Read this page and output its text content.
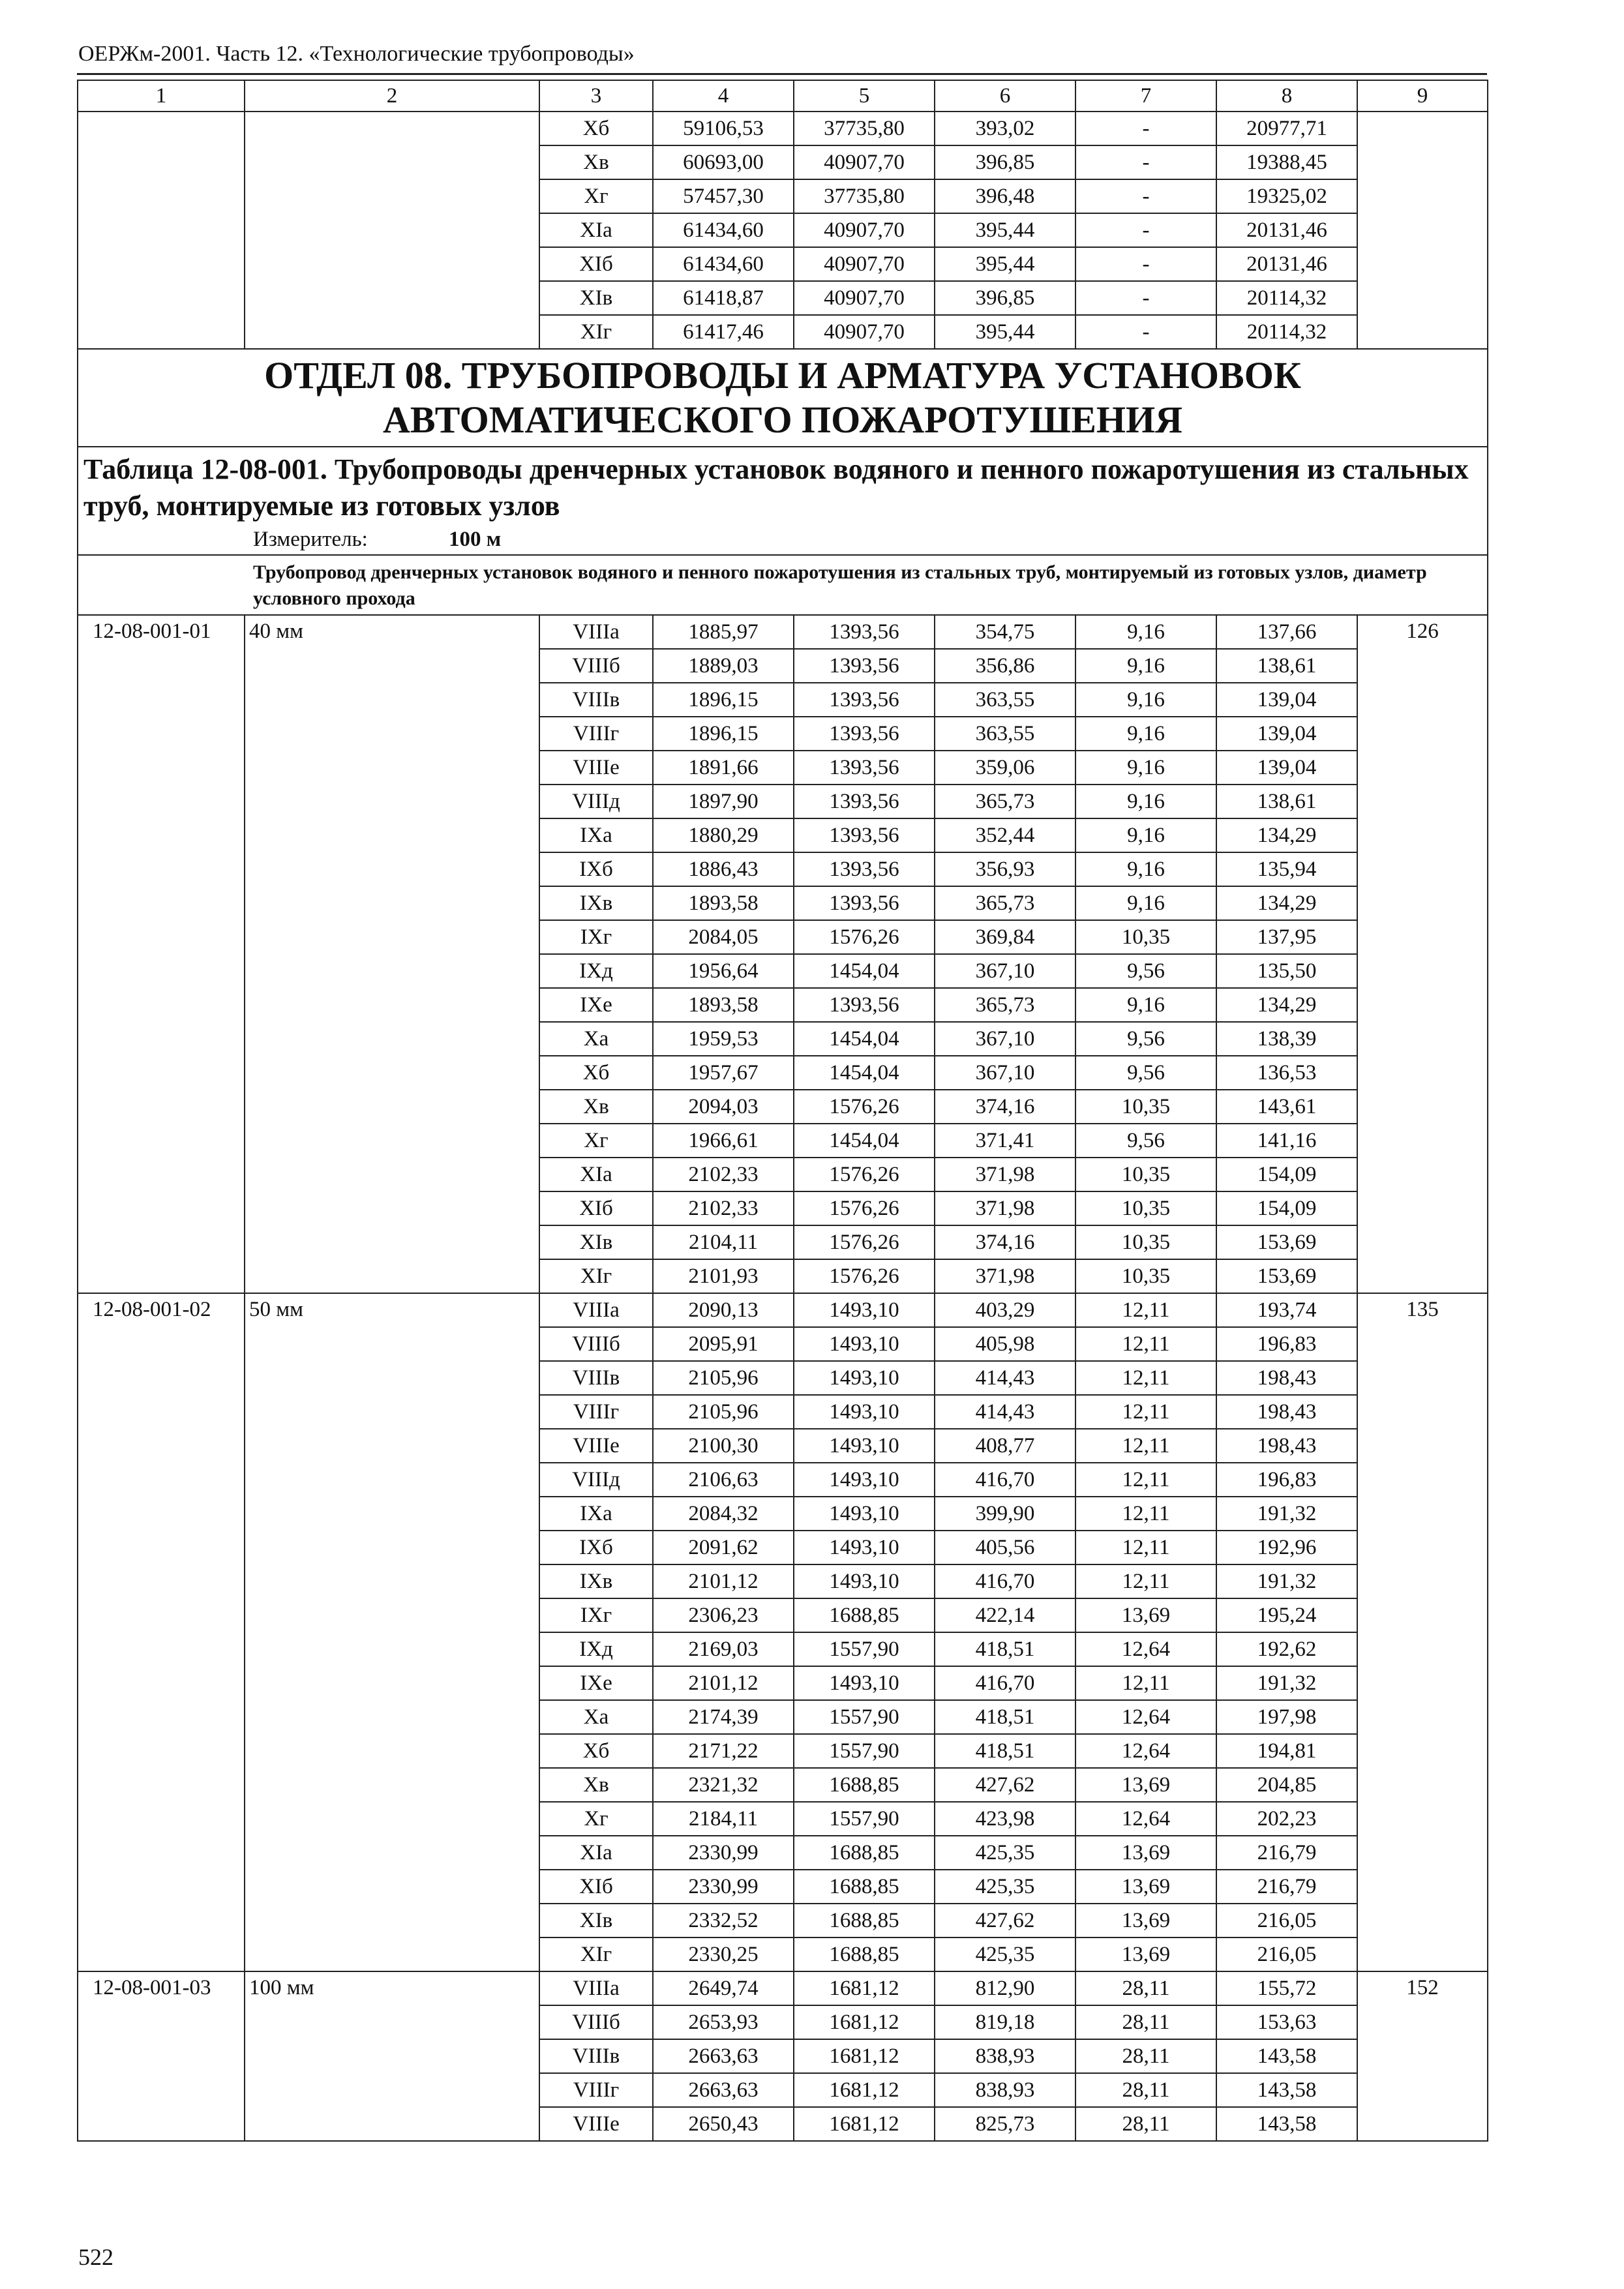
ОЕРЖм-2001. Часть 12. «Технологические трубопроводы»
1	2	3	4	5	6	7	8	9
		Xб	59106,53	37735,80	393,02	-	20977,71	
		Xв	60693,00	40907,70	396,85	-	19388,45	
		Xг	57457,30	37735,80	396,48	-	19325,02	
		XIа	61434,60	40907,70	395,44	-	20131,46	
		XIб	61434,60	40907,70	395,44	-	20131,46	
		XIв	61418,87	40907,70	396,85	-	20114,32	
		XIг	61417,46	40907,70	395,44	-	20114,32	

ОТДЕЛ 08. ТРУБОПРОВОДЫ И АРМАТУРА УСТАНОВОК
АВТОМАТИЧЕСКОГО ПОЖАРОТУШЕНИЯ								

Таблица 12-08-001. Трубопроводы дренчерных установок водяного и пенного пожаротушения из стальных труб, монтируемые из готовых узлов								
Измеритель: 100 м								
Трубопровод дренчерных установок водяного и пенного пожаротушения из стальных труб, монтируемый из готовых узлов, диаметр условного прохода								
12-08-001-01	40 мм	VIIIа	1885,97	1393,56	354,75	9,16	137,66	126
		VIIIб	1889,03	1393,56	356,86	9,16	138,61	
		VIIIв	1896,15	1393,56	363,55	9,16	139,04	
		VIIIг	1896,15	1393,56	363,55	9,16	139,04	
		VIIIе	1891,66	1393,56	359,06	9,16	139,04	
		VIIIд	1897,90	1393,56	365,73	9,16	138,61	
		IXа	1880,29	1393,56	352,44	9,16	134,29	
		IXб	1886,43	1393,56	356,93	9,16	135,94	
		IXв	1893,58	1393,56	365,73	9,16	134,29	
		IXг	2084,05	1576,26	369,84	10,35	137,95	
		IXд	1956,64	1454,04	367,10	9,56	135,50	
		IXе	1893,58	1393,56	365,73	9,16	134,29	
		Xа	1959,53	1454,04	367,10	9,56	138,39	
		Xб	1957,67	1454,04	367,10	9,56	136,53	
		Xв	2094,03	1576,26	374,16	10,35	143,61	
		Xг	1966,61	1454,04	371,41	9,56	141,16	
		XIа	2102,33	1576,26	371,98	10,35	154,09	
		XIб	2102,33	1576,26	371,98	10,35	154,09	
		XIв	2104,11	1576,26	374,16	10,35	153,69	
		XIг	2101,93	1576,26	371,98	10,35	153,69	
12-08-001-02	50 мм	VIIIа	2090,13	1493,10	403,29	12,11	193,74	135
		VIIIб	2095,91	1493,10	405,98	12,11	196,83	
		VIIIв	2105,96	1493,10	414,43	12,11	198,43	
		VIIIг	2105,96	1493,10	414,43	12,11	198,43	
		VIIIе	2100,30	1493,10	408,77	12,11	198,43	
		VIIIд	2106,63	1493,10	416,70	12,11	196,83	
		IXа	2084,32	1493,10	399,90	12,11	191,32	
		IXб	2091,62	1493,10	405,56	12,11	192,96	
		IXв	2101,12	1493,10	416,70	12,11	191,32	
		IXг	2306,23	1688,85	422,14	13,69	195,24	
		IXд	2169,03	1557,90	418,51	12,64	192,62	
		IXе	2101,12	1493,10	416,70	12,11	191,32	
		Xа	2174,39	1557,90	418,51	12,64	197,98	
		Xб	2171,22	1557,90	418,51	12,64	194,81	
		Xв	2321,32	1688,85	427,62	13,69	204,85	
		Xг	2184,11	1557,90	423,98	12,64	202,23	
		XIа	2330,99	1688,85	425,35	13,69	216,79	
		XIб	2330,99	1688,85	425,35	13,69	216,79	
		XIв	2332,52	1688,85	427,62	13,69	216,05	
		XIг	2330,25	1688,85	425,35	13,69	216,05	
12-08-001-03	100 мм	VIIIа	2649,74	1681,12	812,90	28,11	155,72	152
		VIIIб	2653,93	1681,12	819,18	28,11	153,63	
		VIIIв	2663,63	1681,12	838,93	28,11	143,58	
		VIIIг	2663,63	1681,12	838,93	28,11	143,58	
		VIIIе	2650,43	1681,12	825,73	28,11	143,58	
522
